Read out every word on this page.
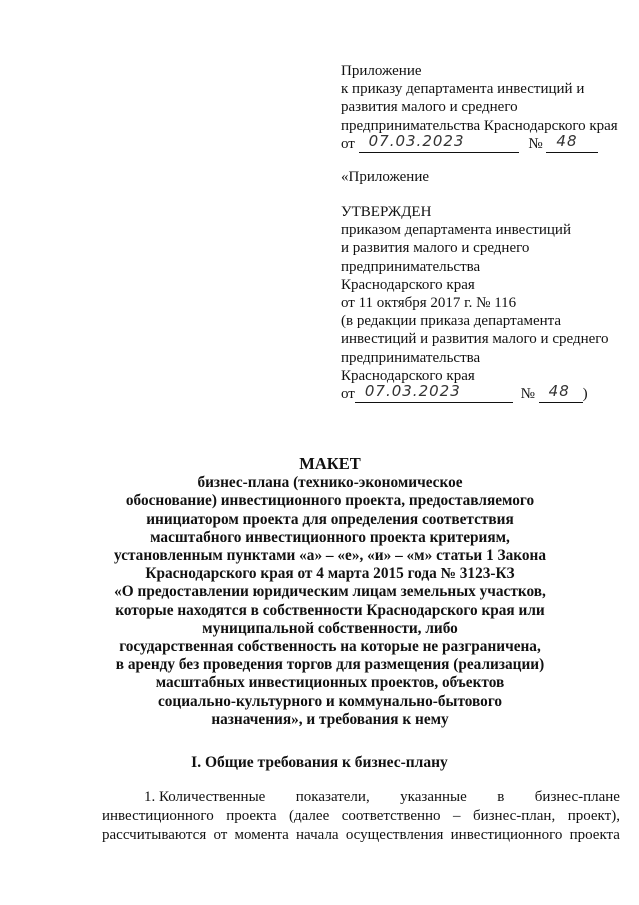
Приложение
к приказу департамента инвестиций и
развития малого и среднего
предпринимательства Краснодарского края
от 07.03.2023	№ 48
«Приложение
УТВЕРЖДЕН
приказом департамента инвестиций
и развития малого и среднего
предпринимательства
Краснодарского края
от 11 октября 2017 г. № 116
(в редакции приказа департамента
инвестиций и развития малого и среднего
предпринимательства
Краснодарского края
от 07.03.2023	№ 48 )
МАКЕТ
бизнес-плана (технико-экономическое
обоснование) инвестиционного проекта, предоставляемого
инициатором проекта для определения соответствия
масштабного инвестиционного проекта критериям,
установленным пунктами «а» – «е», «и» – «м» статьи 1 Закона
Краснодарского края от 4 марта 2015 года № 3123-КЗ
«О предоставлении юридическим лицам земельных участков,
которые находятся в собственности Краснодарского края или
муниципальной собственности, либо
государственная собственность на которые не разграничена,
в аренду без проведения торгов для размещения (реализации)
масштабных инвестиционных проектов, объектов
социально-культурного и коммунально-бытового
назначения», и требования к нему
I. Общие требования к бизнес-плану
1. Количественные показатели, указанные в бизнес-плане
инвестиционного проекта (далее соответственно – бизнес-план, проект),
рассчитываются от момента начала осуществления инвестиционного проекта
